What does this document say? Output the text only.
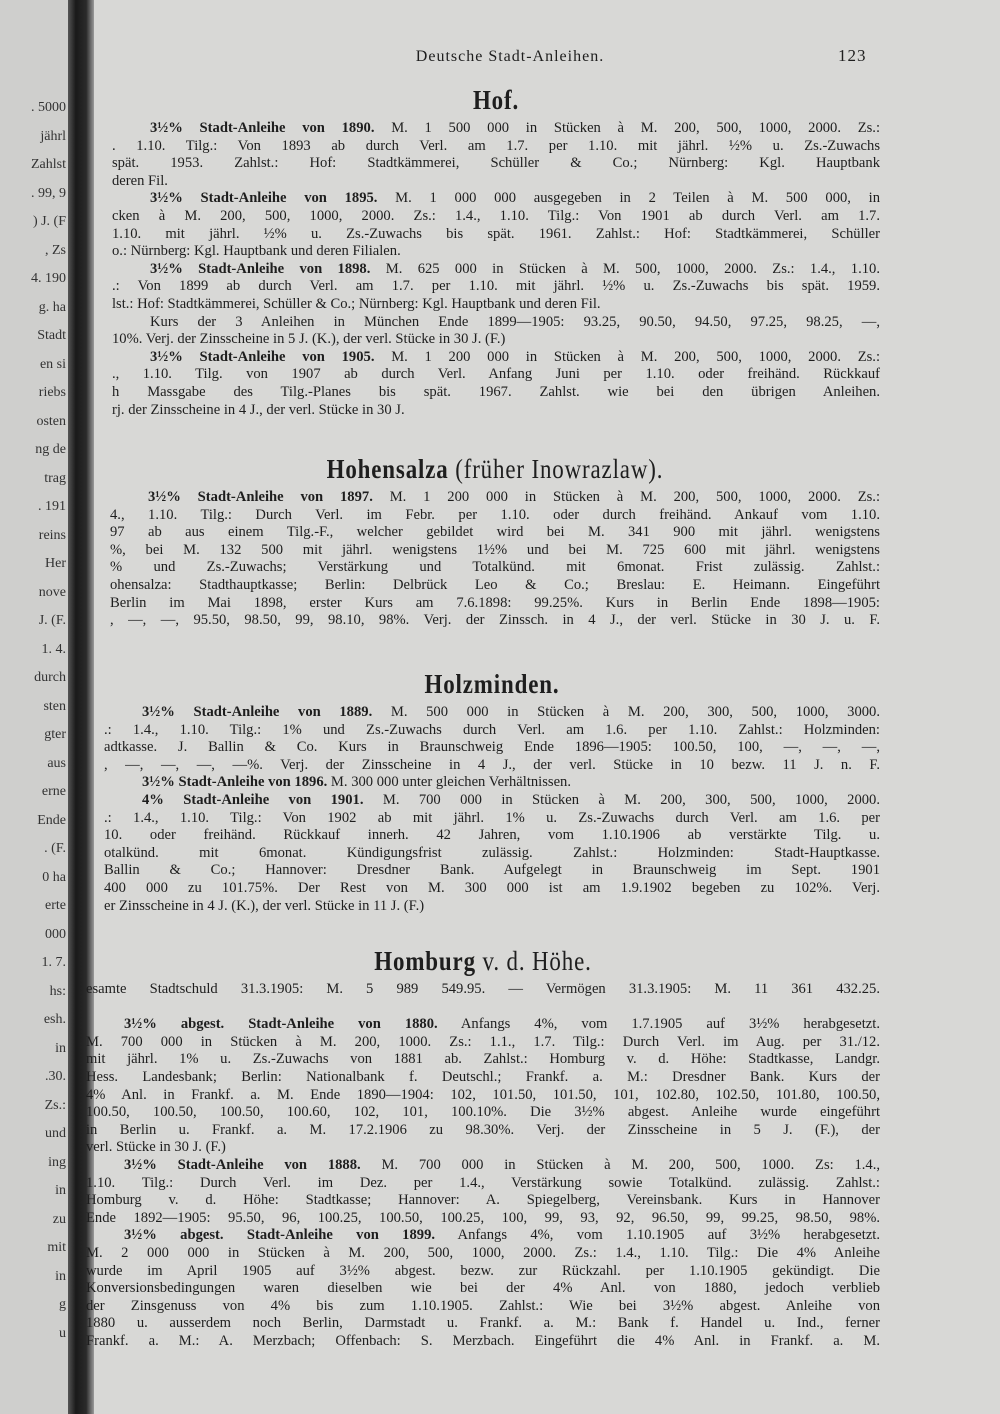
. 5000
jährl
Zahlst
. 99, 9
) J. (F
, Zs
4. 190
g. ha
Stadt
en si
riebs
osten
ng de
trag
. 191
reins
Her
nove
J. (F.
1. 4.
durch
sten
gter
aus
erne
Ende
. (F.
0 ha
erte
000
1. 7.
hs:
esh.
in
.30.
Zs.:
und
ing
in
zu
mit
in
g
u
Deutsche Stadt-Anleihen.	123
Hof.
3½% Stadt-Anleihe von 1890. M. 1 500 000 in Stücken à M. 200, 500, 1000, 2000. Zs.:
. 1.10. Tilg.: Von 1893 ab durch Verl. am 1.7. per 1.10. mit jährl. ½% u. Zs.-Zuwachs
spät. 1953. Zahlst.: Hof: Stadtkämmerei, Schüller & Co.; Nürnberg: Kgl. Hauptbank
deren Fil.
3½% Stadt-Anleihe von 1895. M. 1 000 000 ausgegeben in 2 Teilen à M. 500 000, in
cken à M. 200, 500, 1000, 2000. Zs.: 1.4., 1.10. Tilg.: Von 1901 ab durch Verl. am 1.7.
1.10. mit jährl. ½% u. Zs.-Zuwachs bis spät. 1961. Zahlst.: Hof: Stadtkämmerei, Schüller
o.: Nürnberg: Kgl. Hauptbank und deren Filialen.
3½% Stadt-Anleihe von 1898. M. 625 000 in Stücken à M. 500, 1000, 2000. Zs.: 1.4., 1.10.
.: Von 1899 ab durch Verl. am 1.7. per 1.10. mit jährl. ½% u. Zs.-Zuwachs bis spät. 1959.
lst.: Hof: Stadtkämmerei, Schüller & Co.; Nürnberg: Kgl. Hauptbank und deren Fil.
Kurs der 3 Anleihen in München Ende 1899—1905: 93.25, 90.50, 94.50, 97.25, 98.25, —,
10%. Verj. der Zinsscheine in 5 J. (K.), der verl. Stücke in 30 J. (F.)
3½% Stadt-Anleihe von 1905. M. 1 200 000 in Stücken à M. 200, 500, 1000, 2000. Zs.:
., 1.10. Tilg. von 1907 ab durch Verl. Anfang Juni per 1.10. oder freihänd. Rückkauf
h Massgabe des Tilg.-Planes bis spät. 1967. Zahlst. wie bei den übrigen Anleihen.
rj. der Zinsscheine in 4 J., der verl. Stücke in 30 J.
Hohensalza (früher Inowrazlaw).
3½% Stadt-Anleihe von 1897. M. 1 200 000 in Stücken à M. 200, 500, 1000, 2000. Zs.:
4., 1.10. Tilg.: Durch Verl. im Febr. per 1.10. oder durch freihänd. Ankauf vom 1.10.
97 ab aus einem Tilg.-F., welcher gebildet wird bei M. 341 900 mit jährl. wenigstens
%, bei M. 132 500 mit jährl. wenigstens 1½% und bei M. 725 600 mit jährl. wenigstens
% und Zs.-Zuwachs; Verstärkung und Totalkünd. mit 6monat. Frist zulässig. Zahlst.:
ohensalza: Stadthauptkasse; Berlin: Delbrück Leo & Co.; Breslau: E. Heimann. Eingeführt
Berlin im Mai 1898, erster Kurs am 7.6.1898: 99.25%. Kurs in Berlin Ende 1898—1905:
, —, —, 95.50, 98.50, 99, 98.10, 98%. Verj. der Zinssch. in 4 J., der verl. Stücke in 30 J. u. F.
Holzminden.
3½% Stadt-Anleihe von 1889. M. 500 000 in Stücken à M. 200, 300, 500, 1000, 3000.
.: 1.4., 1.10. Tilg.: 1% und Zs.-Zuwachs durch Verl. am 1.6. per 1.10. Zahlst.: Holzminden:
adtkasse. J. Ballin & Co. Kurs in Braunschweig Ende 1896—1905: 100.50, 100, —, —, —,
, —, —, —, —%. Verj. der Zinsscheine in 4 J., der verl. Stücke in 10 bezw. 11 J. n. F.
3½% Stadt-Anleihe von 1896. M. 300 000 unter gleichen Verhältnissen.
4% Stadt-Anleihe von 1901. M. 700 000 in Stücken à M. 200, 300, 500, 1000, 2000.
.: 1.4., 1.10. Tilg.: Von 1902 ab mit jährl. 1% u. Zs.-Zuwachs durch Verl. am 1.6. per
10. oder freihänd. Rückkauf innerh. 42 Jahren, vom 1.10.1906 ab verstärkte Tilg. u.
otalkünd. mit 6monat. Kündigungsfrist zulässig. Zahlst.: Holzminden: Stadt-Hauptkasse.
Ballin & Co.; Hannover: Dresdner Bank. Aufgelegt in Braunschweig im Sept. 1901
400 000 zu 101.75%. Der Rest von M. 300 000 ist am 1.9.1902 begeben zu 102%. Verj.
er Zinsscheine in 4 J. (K.), der verl. Stücke in 11 J. (F.)
Homburg v. d. Höhe.
esamte Stadtschuld 31.3.1905: M. 5 989 549.95. — Vermögen 31.3.1905: M. 11 361 432.25.
3½% abgest. Stadt-Anleihe von 1880. Anfangs 4%, vom 1.7.1905 auf 3½% herabgesetzt.
M. 700 000 in Stücken à M. 200, 1000. Zs.: 1.1., 1.7. Tilg.: Durch Verl. im Aug. per 31./12.
mit jährl. 1% u. Zs.-Zuwachs von 1881 ab. Zahlst.: Homburg v. d. Höhe: Stadtkasse, Landgr.
Hess. Landesbank; Berlin: Nationalbank f. Deutschl.; Frankf. a. M.: Dresdner Bank. Kurs der
4% Anl. in Frankf. a. M. Ende 1890—1904: 102, 101.50, 101.50, 101, 102.80, 102.50, 101.80, 100.50,
100.50, 100.50, 100.50, 100.60, 102, 101, 100.10%. Die 3½% abgest. Anleihe wurde eingeführt
in Berlin u. Frankf. a. M. 17.2.1906 zu 98.30%. Verj. der Zinsscheine in 5 J. (F.), der
verl. Stücke in 30 J. (F.)
3½% Stadt-Anleihe von 1888. M. 700 000 in Stücken à M. 200, 500, 1000. Zs: 1.4.,
1.10. Tilg.: Durch Verl. im Dez. per 1.4., Verstärkung sowie Totalkünd. zulässig. Zahlst.:
Homburg v. d. Höhe: Stadtkasse; Hannover: A. Spiegelberg, Vereinsbank. Kurs in Hannover
Ende 1892—1905: 95.50, 96, 100.25, 100.50, 100.25, 100, 99, 93, 92, 96.50, 99, 99.25, 98.50, 98%.
3½% abgest. Stadt-Anleihe von 1899. Anfangs 4%, vom 1.10.1905 auf 3½% herabgesetzt.
M. 2 000 000 in Stücken à M. 200, 500, 1000, 2000. Zs.: 1.4., 1.10. Tilg.: Die 4% Anleihe
wurde im April 1905 auf 3½% abgest. bezw. zur Rückzahl. per 1.10.1905 gekündigt. Die
Konversionsbedingungen waren dieselben wie bei der 4% Anl. von 1880, jedoch verblieb
der Zinsgenuss von 4% bis zum 1.10.1905. Zahlst.: Wie bei 3½% abgest. Anleihe von
1880 u. ausserdem noch Berlin, Darmstadt u. Frankf. a. M.: Bank f. Handel u. Ind., ferner
Frankf. a. M.: A. Merzbach; Offenbach: S. Merzbach. Eingeführt die 4% Anl. in Frankf. a. M.
